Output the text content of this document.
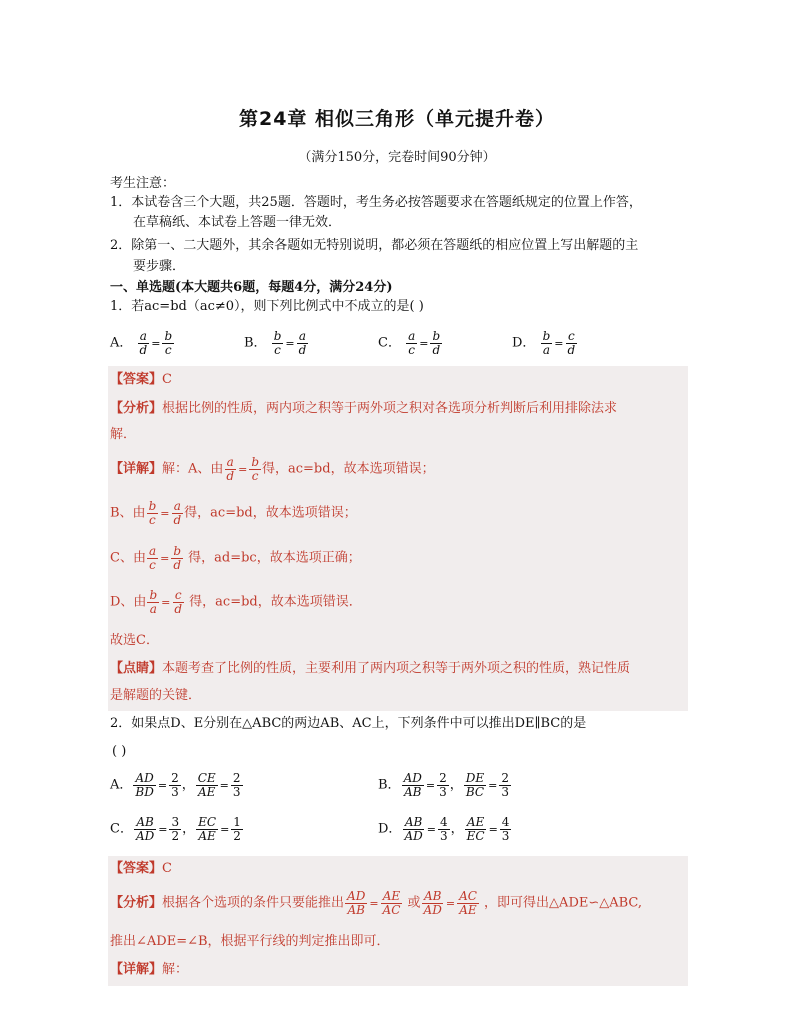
第24章 相似三角形（单元提升卷）
（满分150分，完卷时间90分钟）
考生注意：
1．本试卷含三个大题，共25题．答题时，考生务必按答题要求在答题纸规定的位置上作答，
在草稿纸、本试卷上答题一律无效．
2．除第一、二大题外，其余各题如无特别说明，都必须在答题纸的相应位置上写出解题的主
要步骤．
一、单选题(本大题共6题，每题4分，满分24分)
1．若ac=bd（ac≠0），则下列比例式中不成立的是( )
A． $\frac{a}{d} = \frac{b}{c}$	B． $\frac{b}{c} = \frac{a}{d}$	C． $\frac{a}{c} = \frac{b}{d}$	D． $\frac{b}{a} = \frac{c}{d}$
【答案】C
【分析】根据比例的性质，两内项之积等于两外项之积对各选项分析判断后利用排除法求
解．
【详解】解：A、由 $\frac{a}{d} = \frac{b}{c}$ 得，ac=bd，故本选项错误；
B、由 $\frac{b}{c} = \frac{a}{d}$ 得，ac=bd，故本选项错误；
C、由 $\frac{a}{c} = \frac{b}{d}$ 得，ad=bc，故本选项正确；
D、由 $\frac{b}{a} = \frac{c}{d}$ 得，ac=bd，故本选项错误．
故选C．
【点睛】本题考查了比例的性质，主要利用了两内项之积等于两外项之积的性质，熟记性质
是解题的关键．
2．如果点D、E分别在△ABC的两边AB、AC上，下列条件中可以推出DE∥BC的是
( )
A． $\frac{AD}{BD} = \frac{2}{3}$ ， $\frac{CE}{AE} = \frac{2}{3}$	B． $\frac{AD}{AB} = \frac{2}{3}$ ， $\frac{DE}{BC} = \frac{2}{3}$
C． $\frac{AB}{AD} = \frac{3}{2}$ ， $\frac{EC}{AE} = \frac{1}{2}$	D． $\frac{AB}{AD} = \frac{4}{3}$ ， $\frac{AE}{EC} = \frac{4}{3}$
【答案】C
【分析】根据各个选项的条件只要能推出 $\frac{AD}{AB} = \frac{AE}{AC}$ 或 $\frac{AB}{AD} = \frac{AC}{AE}$ ，即可得出△ADE∽△ABC,
推出∠ADE=∠B，根据平行线的判定推出即可．
【详解】解：
